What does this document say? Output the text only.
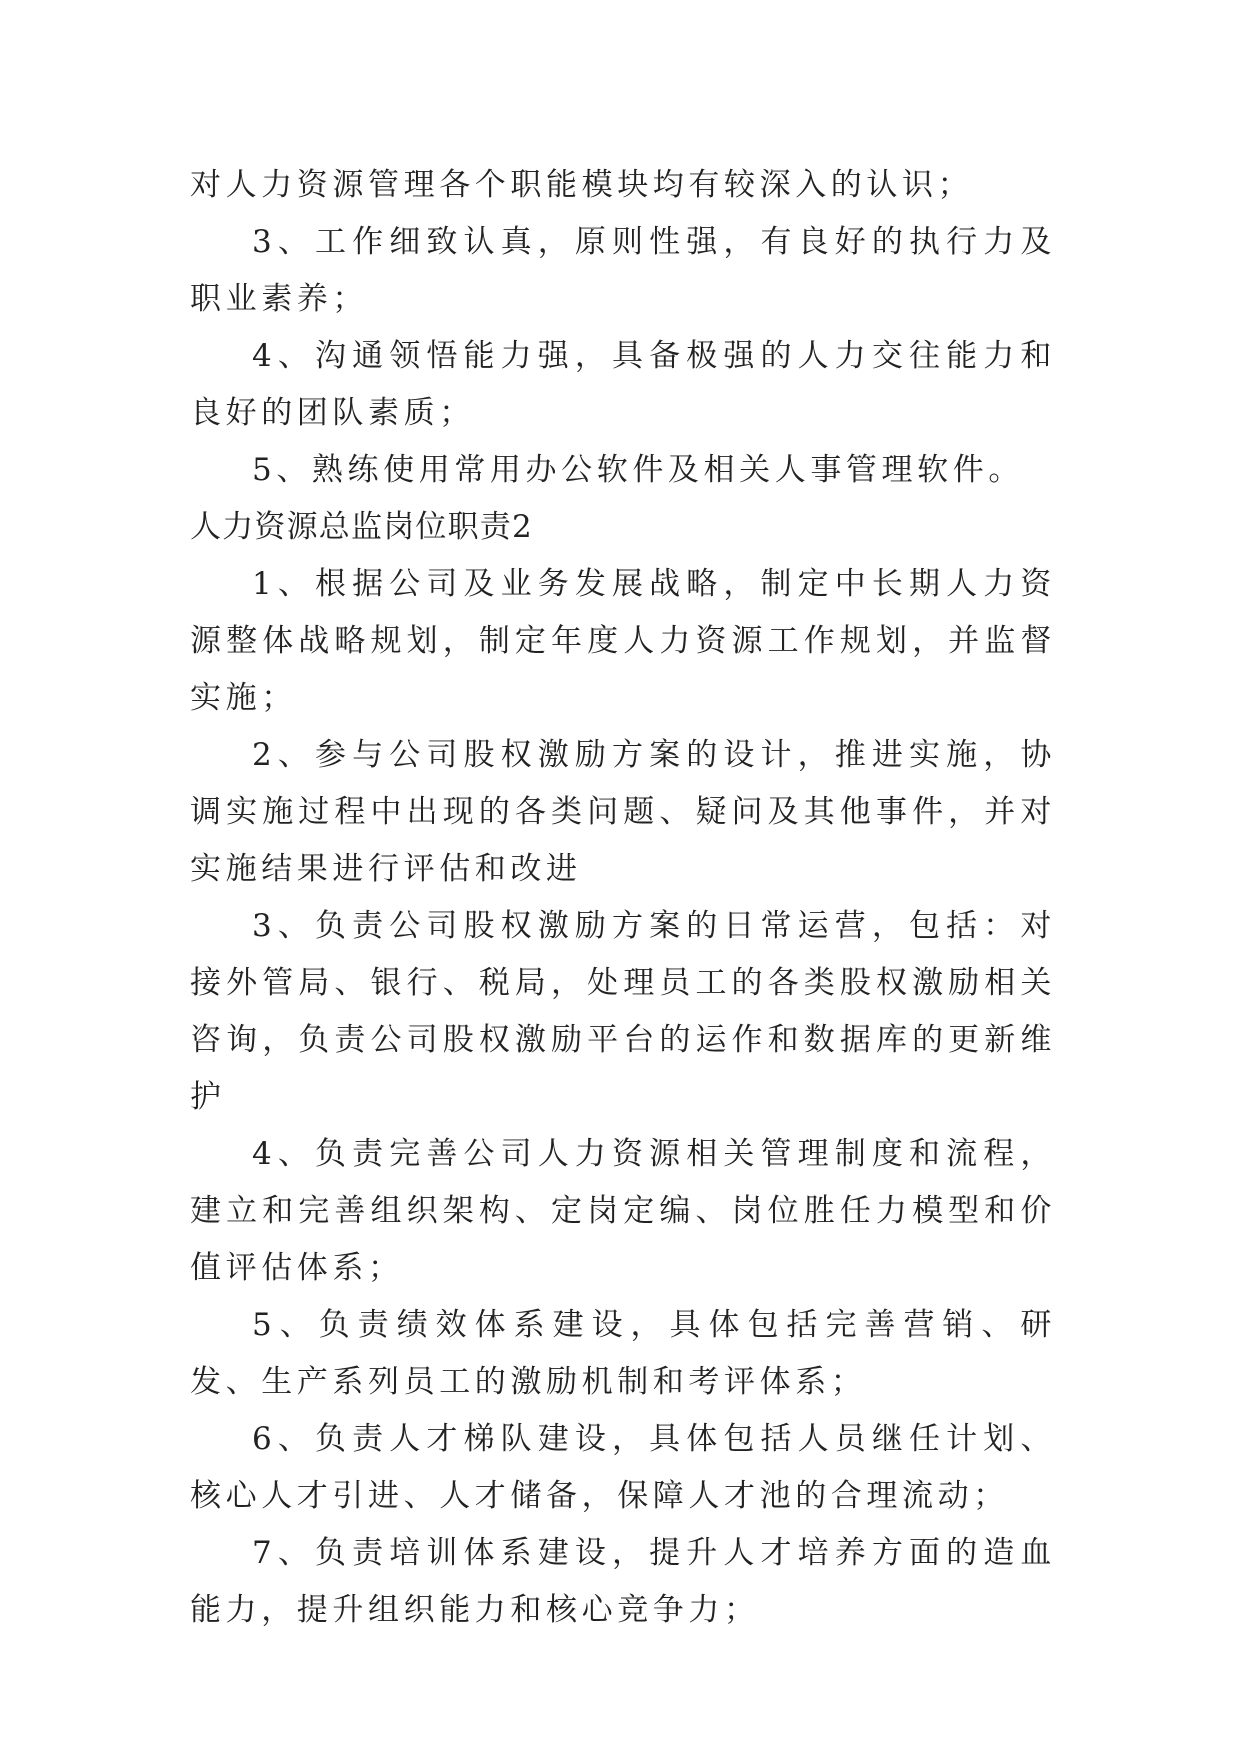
对人力资源管理各个职能模块均有较深入的认识；

3、工作细致认真，原则性强，有良好的执行力及职业素养；

4、沟通领悟能力强，具备极强的人力交往能力和良好的团队素质；

5、熟练使用常用办公软件及相关人事管理软件。

人力资源总监岗位职责2

1、根据公司及业务发展战略，制定中长期人力资源整体战略规划，制定年度人力资源工作规划，并监督实施；

2、参与公司股权激励方案的设计，推进实施，协调实施过程中出现的各类问题、疑问及其他事件，并对实施结果进行评估和改进

3、负责公司股权激励方案的日常运营，包括：对接外管局、银行、税局，处理员工的各类股权激励相关咨询，负责公司股权激励平台的运作和数据库的更新维护

4、负责完善公司人力资源相关管理制度和流程，建立和完善组织架构、定岗定编、岗位胜任力模型和价值评估体系；

5、负责绩效体系建设，具体包括完善营销、研发、生产系列员工的激励机制和考评体系；

6、负责人才梯队建设，具体包括人员继任计划、核心人才引进、人才储备，保障人才池的合理流动；

7、负责培训体系建设，提升人才培养方面的造血能力，提升组织能力和核心竞争力；
